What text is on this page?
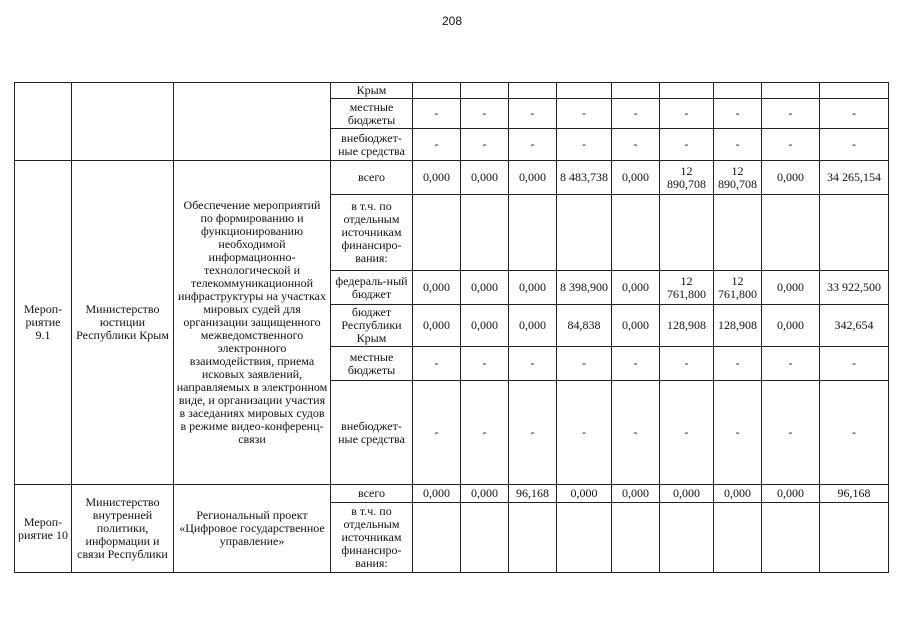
208
			Крым									
			местные бюджеты	-	-	-	-	-	-	-	-	-
			внебюджет-ные средства	-	-	-	-	-	-	-	-	-
Мероп-риятие 9.1	Министерство юстиции Республики Крым	Обеспечение мероприятий по формированию и функционированию необходимой информационно-технологической и телекоммуникационной инфраструктуры на участках мировых судей для организации защищенного межведомственного электронного взаимодействия, приема исковых заявлений, направляемых в электронном виде, и организации участия в заседаниях мировых судов в режиме видео-конференц-связи	всего	0,000	0,000	0,000	8 483,738	0,000	12 890,708	12 890,708	0,000	34 265,154
			в т.ч. по отдельным источникам финансиро-вания:									
			федераль-ный бюджет	0,000	0,000	0,000	8 398,900	0,000	12 761,800	12 761,800	0,000	33 922,500
			бюджет Республики Крым	0,000	0,000	0,000	84,838	0,000	128,908	128,908	0,000	342,654
			местные бюджеты	-	-	-	-	-	-	-	-	-
			внебюджет-ные средства	-	-	-	-	-	-	-	-	-
Мероп-риятие 10	Министерство внутренней политики, информации и связи Республики	Региональный проект «Цифровое государственное управление»	всего	0,000	0,000	96,168	0,000	0,000	0,000	0,000	0,000	96,168
			в т.ч. по отдельным источникам финансиро-вания:									
